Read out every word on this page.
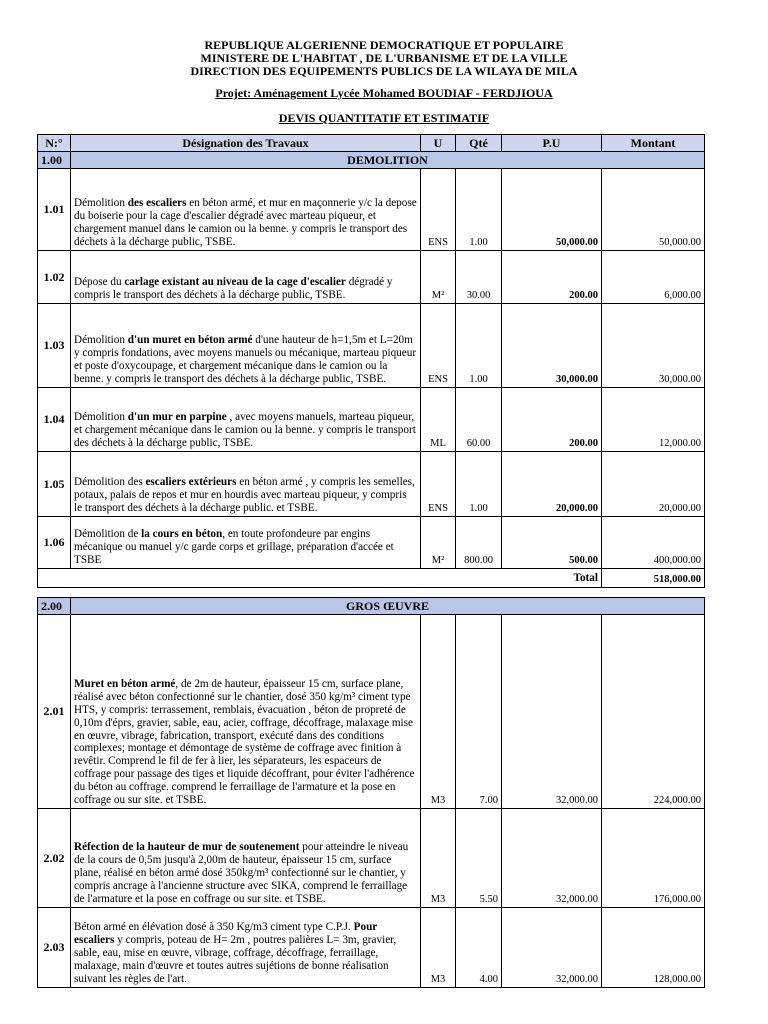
REPUBLIQUE ALGERIENNE DEMOCRATIQUE ET POPULAIRE
MINISTERE DE L'HABITAT , DE L'URBANISME ET DE LA VILLE
DIRECTION DES EQUIPEMENTS PUBLICS DE LA WILAYA DE MILA
Projet: Aménagement Lycée Mohamed BOUDIAF - FERDJIOUA
DEVIS QUANTITATIF ET ESTIMATIF
N:°	Désignation des Travaux	U	Qté	P.U	Montant
1.00	DEMOLITION				
1.01	Démolition des escaliers en béton armé, et mur en maçonnerie y/c la depose du boiserie pour la cage d'escalier dégradé avec marteau piqueur, et chargement manuel dans le camion ou la benne. y compris le transport des déchets à la décharge public, TSBE.	ENS	1.00	50,000.00	50,000.00
1.02	Dépose du carlage existant au niveau de la cage d'escalier dégradé y compris le transport des déchets à la décharge public, TSBE.	M²	30.00	200.00	6,000.00
1.03	Démolition d'un muret en béton armé d'une hauteur de h=1,5m et L=20m y compris fondations, avec moyens manuels ou mécanique, marteau piqueur et poste d'oxycoupage, et chargement mécanique dans le camion ou la benne. y compris le transport des déchets à la décharge public, TSBE.	ENS	1.00	30,000.00	30,000.00
1.04	Démolition d'un mur en parpine , avec moyens manuels, marteau piqueur, et chargement mécanique dans le camion ou la benne. y compris le transport des déchets à la décharge public, TSBE.	ML	60.00	200.00	12,000.00
1.05	Démolition des escaliers extérieurs en béton armé , y compris les semelles, potaux, palais de repos et mur en hourdis avec marteau piqueur, y compris le transport des déchets à la décharge public. et TSBE.	ENS	1.00	20,000.00	20,000.00
1.06	Démolition de la cours en béton, en toute profondeure par engins mécanique ou manuel y/c garde corps et grillage, préparation d'accée et TSBE	M²	800.00	500.00	400,000.00
Total					518,000.00
2.00	GROS ŒUVRE				
2.01	Muret en béton armé, de 2m de hauteur, épaisseur 15 cm, surface plane, réalisé avec béton confectionné sur le chantier, dosé 350 kg/m³ ciment type HTS, y compris: terrassement, remblais, évacuation , béton de propreté de 0,10m d'éprs, gravier, sable, eau, acier, coffrage, décoffrage, malaxage mise en œuvre, vibrage, fabrication, transport, exécuté dans des conditions complexes; montage et démontage de système de coffrage avec finition à revêtir. Comprend le fil de fer à lier, les séparateurs, les espaceurs de coffrage pour passage des tiges et liquide décoffrant, pour éviter l'adhérence du béton au coffrage. comprend le ferraillage de l'armature et la pose en coffrage ou sur site. et TSBE.	M3	7.00	32,000.00	224,000.00
2.02	Réfection de la hauteur de mur de soutenement pour atteindre le niveau de la cours de 0,5m jusqu'à 2,00m de hauteur, épaisseur 15 cm, surface plane, réalisé en béton armé dosé 350kg/m³ confectionné sur le chantier, y compris ancrage à l'ancienne structure avec SIKA, comprend le ferraillage de l'armature et la pose en coffrage ou sur site. et TSBE.	M3	5.50	32,000.00	176,000.00
2.03	Béton armé en élévation dosé à 350 Kg/m3 ciment type C.P.J. Pour escaliers y compris, poteau de H= 2m , poutres palières L= 3m, gravier, sable, eau, mise en œuvre, vibrage, coffrage, décoffrage, ferraillage, malaxage, main d'œuvre et toutes autres sujétions de bonne réalisation suivant les règles de l'art.	M3	4.00	32,000.00	128,000.00
